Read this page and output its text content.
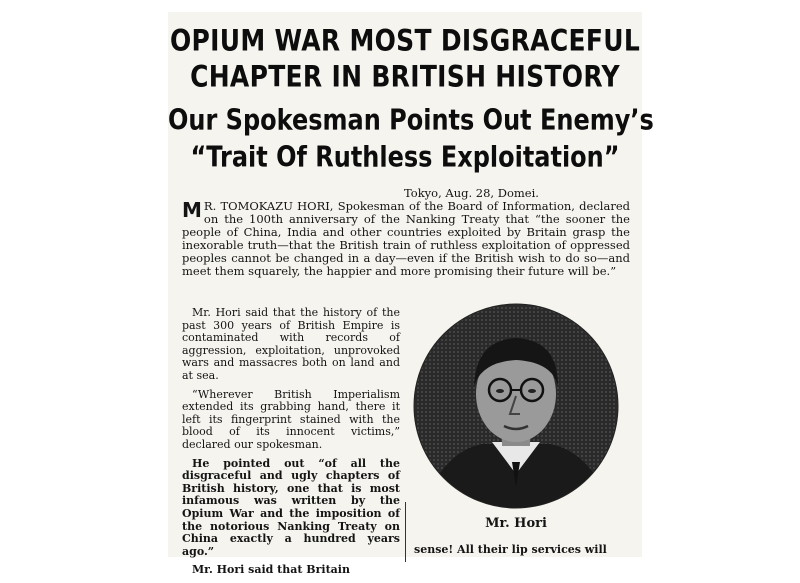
OPIUM WAR MOST DISGRACEFUL
CHAPTER IN BRITISH HISTORY
Our Spokesman Points Out Enemy’s
“Trait Of Ruthless Exploitation”
Tokyo, Aug. 28, Domei.
M R. TOMOKAZU HORI, Spokesman of the Board of Information, declared on the 100th anniversary of the Nanking Treaty that “the sooner the people of China, India and other countries exploited by Britain grasp the inexorable truth—that the British train of ruthless exploitation of oppressed peoples cannot be changed in a day—even if the British wish to do so—and meet them squarely, the happier and more promising their future will be.”

Mr. Hori said that the history of the past 300 years of British Empire is contaminated with records of aggression, exploitation, unprovoked wars and massacres both on land and at sea.

“Wherever British Imperialism extended its grabbing hand, there it left its fingerprint stained with the blood of its innocent victims,” declared our spokesman.

He pointed out “of all the disgraceful and ugly chapters of British history, one that is most infamous was written by the Opium War and the imposition of the notorious Nanking Treaty on China exactly a hundred years ago.”

Mr. Hori said that Britain

Mr. Hori
sense! All their lip services will
